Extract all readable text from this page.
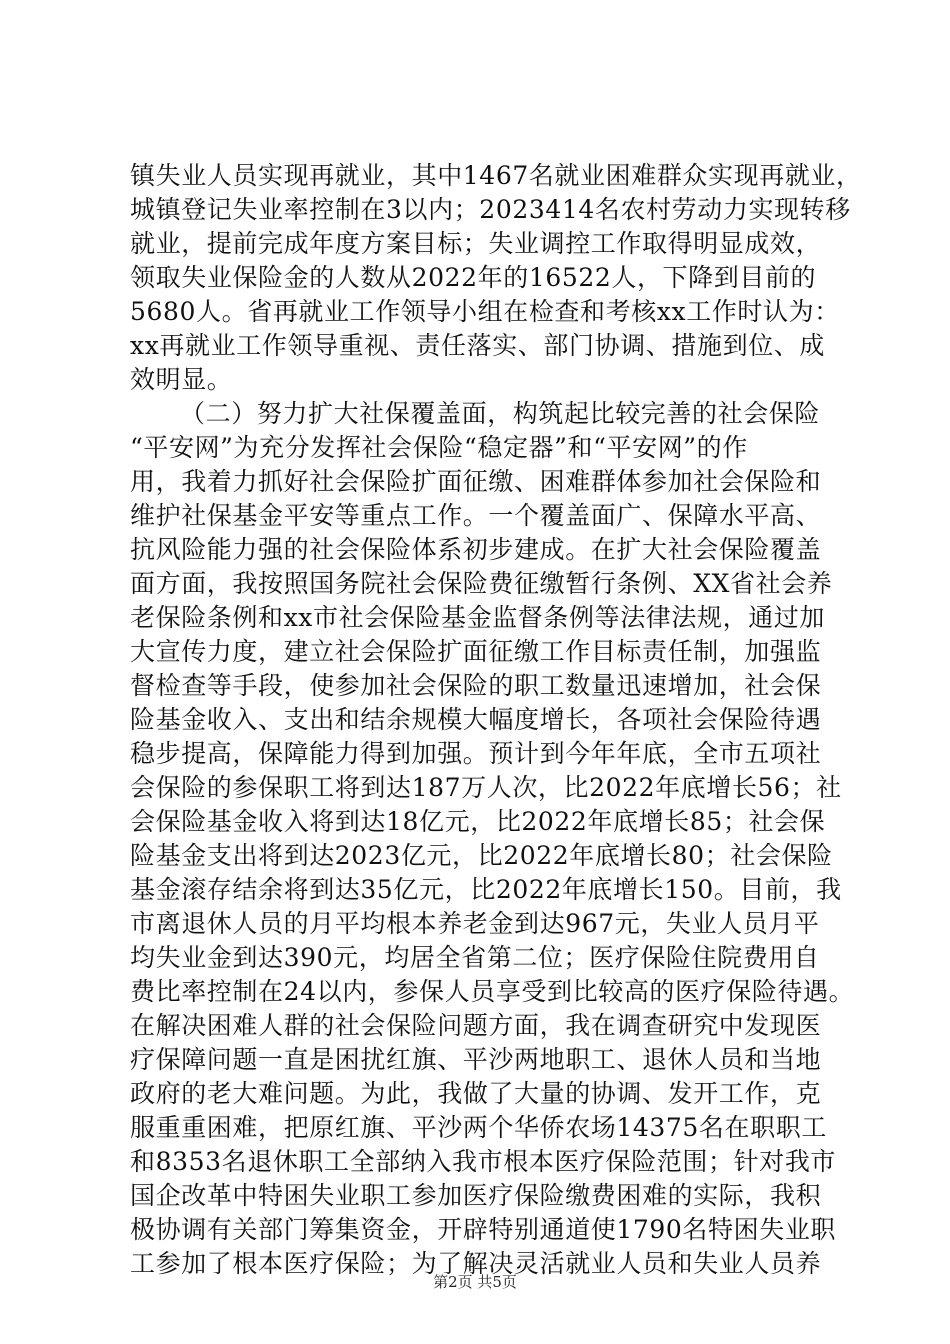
镇失业人员实现再就业，其中1467名就业困难群众实现再就业，
城镇登记失业率控制在3以内；2023414名农村劳动力实现转移
就业，提前完成年度方案目标；失业调控工作取得明显成效，
领取失业保险金的人数从2022年的16522人，下降到目前的
5680人。省再就业工作领导小组在检查和考核xx工作时认为：
xx再就业工作领导重视、责任落实、部门协调、措施到位、成
效明显。
（二）努力扩大社保覆盖面，构筑起比较完善的社会保险
“平安网”为充分发挥社会保险“稳定器”和“平安网”的作
用，我着力抓好社会保险扩面征缴、困难群体参加社会保险和
维护社保基金平安等重点工作。一个覆盖面广、保障水平高、
抗风险能力强的社会保险体系初步建成。在扩大社会保险覆盖
面方面，我按照国务院社会保险费征缴暂行条例、XX省社会养
老保险条例和xx市社会保险基金监督条例等法律法规，通过加
大宣传力度，建立社会保险扩面征缴工作目标责任制，加强监
督检查等手段，使参加社会保险的职工数量迅速增加，社会保
险基金收入、支出和结余规模大幅度增长，各项社会保险待遇
稳步提高，保障能力得到加强。预计到今年年底，全市五项社
会保险的参保职工将到达187万人次，比2022年底增长56；社
会保险基金收入将到达18亿元，比2022年底增长85；社会保
险基金支出将到达2023亿元，比2022年底增长80；社会保险
基金滚存结余将到达35亿元，比2022年底增长150。目前，我
市离退休人员的月平均根本养老金到达967元，失业人员月平
均失业金到达390元，均居全省第二位；医疗保险住院费用自
费比率控制在24以内，参保人员享受到比较高的医疗保险待遇。
在解决困难人群的社会保险问题方面，我在调查研究中发现医
疗保障问题一直是困扰红旗、平沙两地职工、退休人员和当地
政府的老大难问题。为此，我做了大量的协调、发开工作，克
服重重困难，把原红旗、平沙两个华侨农场14375名在职职工
和8353名退休职工全部纳入我市根本医疗保险范围；针对我市
国企改革中特困失业职工参加医疗保险缴费困难的实际，我积
极协调有关部门筹集资金，开辟特别通道使1790名特困失业职
工参加了根本医疗保险；为了解决灵活就业人员和失业人员养
第2页 共5页
